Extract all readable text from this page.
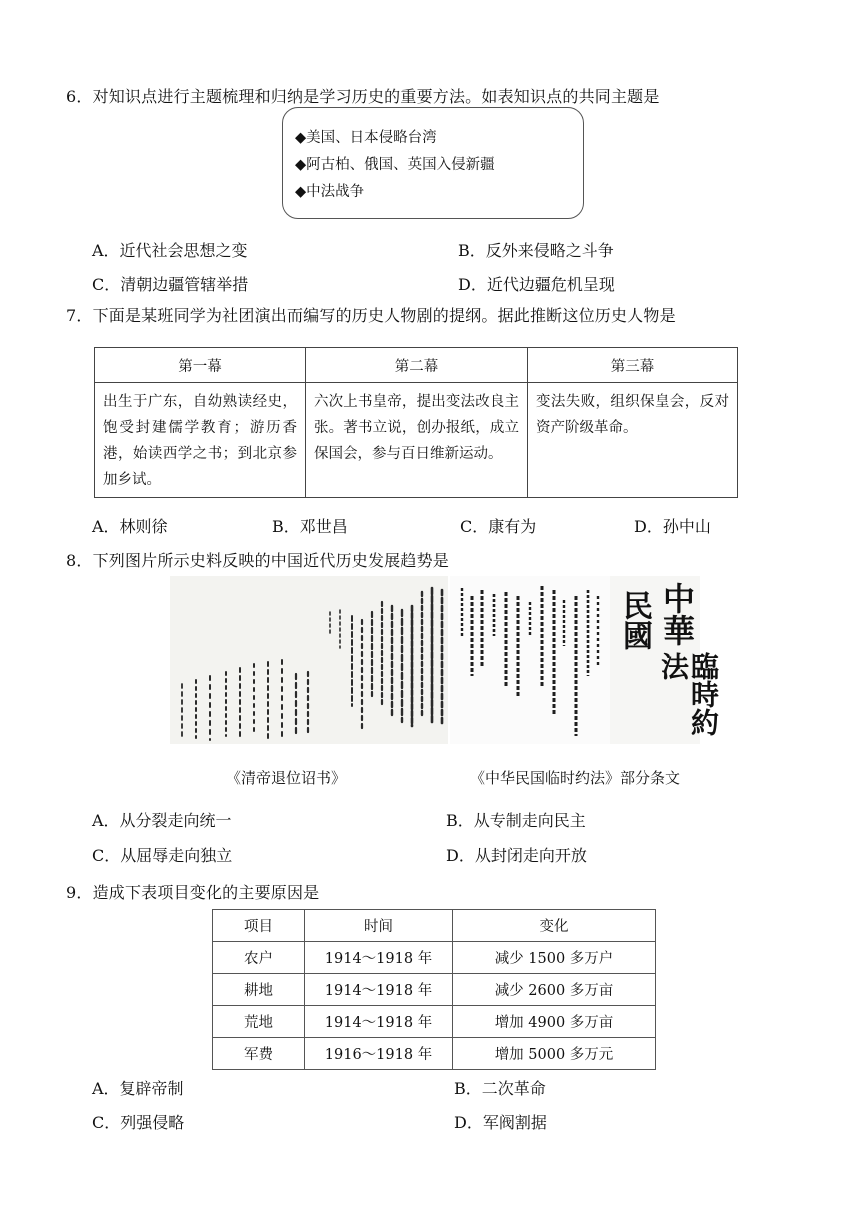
6．对知识点进行主题梳理和归纳是学习历史的重要方法。如表知识点的共同主题是
◆美国、日本侵略台湾
◆阿古柏、俄国、英国入侵新疆
◆中法战争
A．近代社会思想之变	B．反外来侵略之斗争
C．清朝边疆管辖举措	D．近代边疆危机呈现
7．下面是某班同学为社团演出而编写的历史人物剧的提纲。据此推断这位历史人物是
第一幕	第二幕	第三幕
出生于广东，自幼熟读经史，饱受封建儒学教育；游历香港，始读西学之书；到北京参加乡试。	六次上书皇帝，提出变法改良主张。著书立说，创办报纸，成立保国会，参与百日维新运动。	变法失败，组织保皇会，反对资产阶级革命。
A．林则徐	B．邓世昌	C．康有为	D．孙中山
8．下列图片所示史料反映的中国近代历史发展趋势是
中華
民國
臨時約法
《清帝退位诏书》	《中华民国临时约法》部分条文
A．从分裂走向统一	B．从专制走向民主
C．从屈辱走向独立	D．从封闭走向开放
9．造成下表项目变化的主要原因是
项目	时间	变化
农户	1914～1918 年	减少 1500 多万户
耕地	1914～1918 年	减少 2600 多万亩
荒地	1914～1918 年	增加 4900 多万亩
军费	1916～1918 年	增加 5000 多万元
A．复辟帝制	B．二次革命
C．列强侵略	D．军阀割据
